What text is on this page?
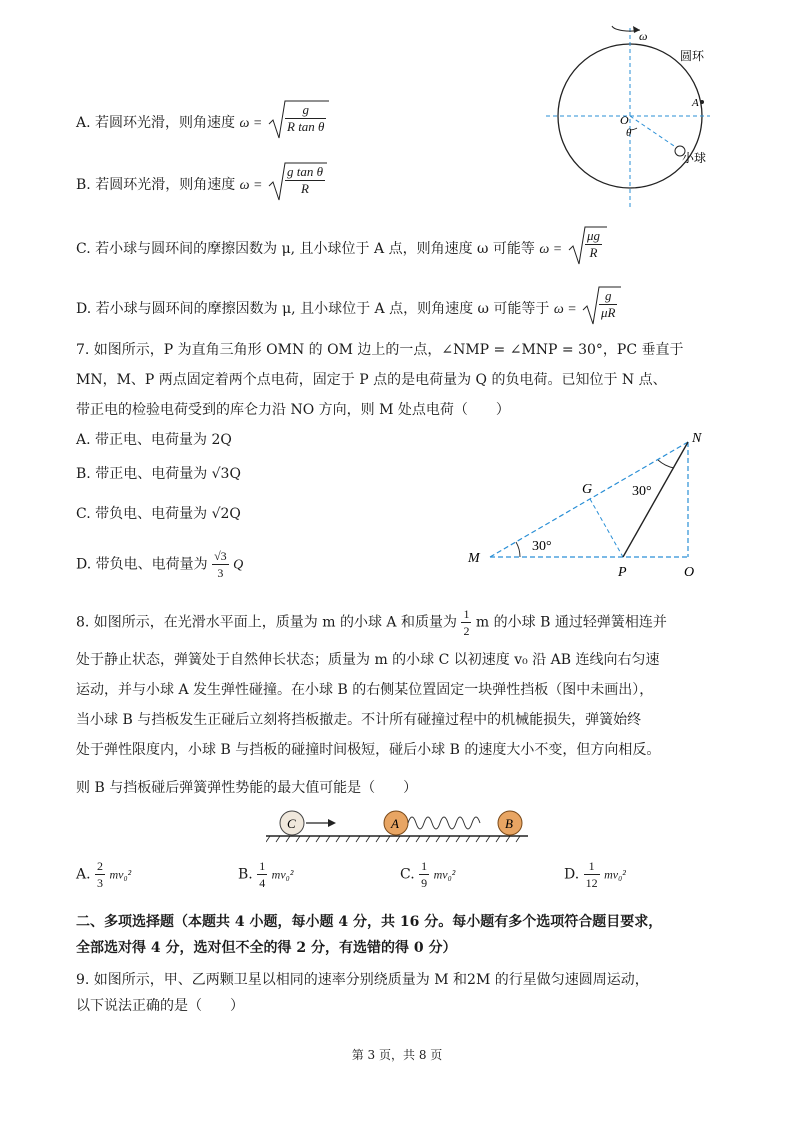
A. 若圆环光滑，则角速度 $\omega = \frac{g}{\text{R tan θ}}$
B. 若圆环光滑，则角速度 $\omega = \frac{\text{g tan θ}}{R}$
C. 若小球与圆环间的摩擦因数为 μ, 且小球位于 A 点，则角速度 ω 可能等 $\omega = \frac{\mu g}{R}$
D. 若小球与圆环间的摩擦因数为 μ, 且小球位于 A 点，则角速度 ω 可能等于 $\omega = \frac{g}{\mu R}$
ω
圆环
A
O
θ
小球
7. 如图所示，P 为直角三角形 OMN 的 OM 边上的一点，∠NMP = ∠MNP = 30°，PC 垂直于
MN，M、P 两点固定着两个点电荷，固定于 P 点的是电荷量为 Q 的负电荷。已知位于 N 点、
带正电的检验电荷受到的库仑力沿 NO 方向，则 M 处点电荷（　　）
A. 带正电、电荷量为 2Q
B. 带正电、电荷量为 √3Q
C. 带负电、电荷量为 √2Q
D. 带负电、电荷量为 $\frac{√3}{3}$ Q
N
G
M
P	O
30°
30°
8. 如图所示，在光滑水平面上，质量为 m 的小球 A 和质量为 $\frac{1}{2}$ m 的小球 B 通过轻弹簧相连并
处于静止状态，弹簧处于自然伸长状态；质量为 m 的小球 C 以初速度 v₀ 沿 AB 连线向右匀速
运动，并与小球 A 发生弹性碰撞。在小球 B 的右侧某位置固定一块弹性挡板（图中未画出），
当小球 B 与挡板发生正碰后立刻将挡板撤走。不计所有碰撞过程中的机械能损失，弹簧始终
处于弹性限度内，小球 B 与挡板的碰撞时间极短，碰后小球 B 的速度大小不变，但方向相反。
则 B 与挡板碰后弹簧弹性势能的最大值可能是（　　）
C	A	B
A. $\frac{2}{3} mv_0^2$	B. $\frac{1}{4} mv_0^2$	C. $\frac{1}{9} mv_0^2$	D. $\frac{1}{12} mv_0^2$
二、多项选择题（本题共 4 小题，每小题 4 分，共 16 分。每小题有多个选项符合题目要求，
全部选对得 4 分，选对但不全的得 2 分，有选错的得 0 分）
9. 如图所示，甲、乙两颗卫星以相同的速率分别绕质量为 M 和2M 的行星做匀速圆周运动，
以下说法正确的是（　　）
第 3 页，共 8 页
